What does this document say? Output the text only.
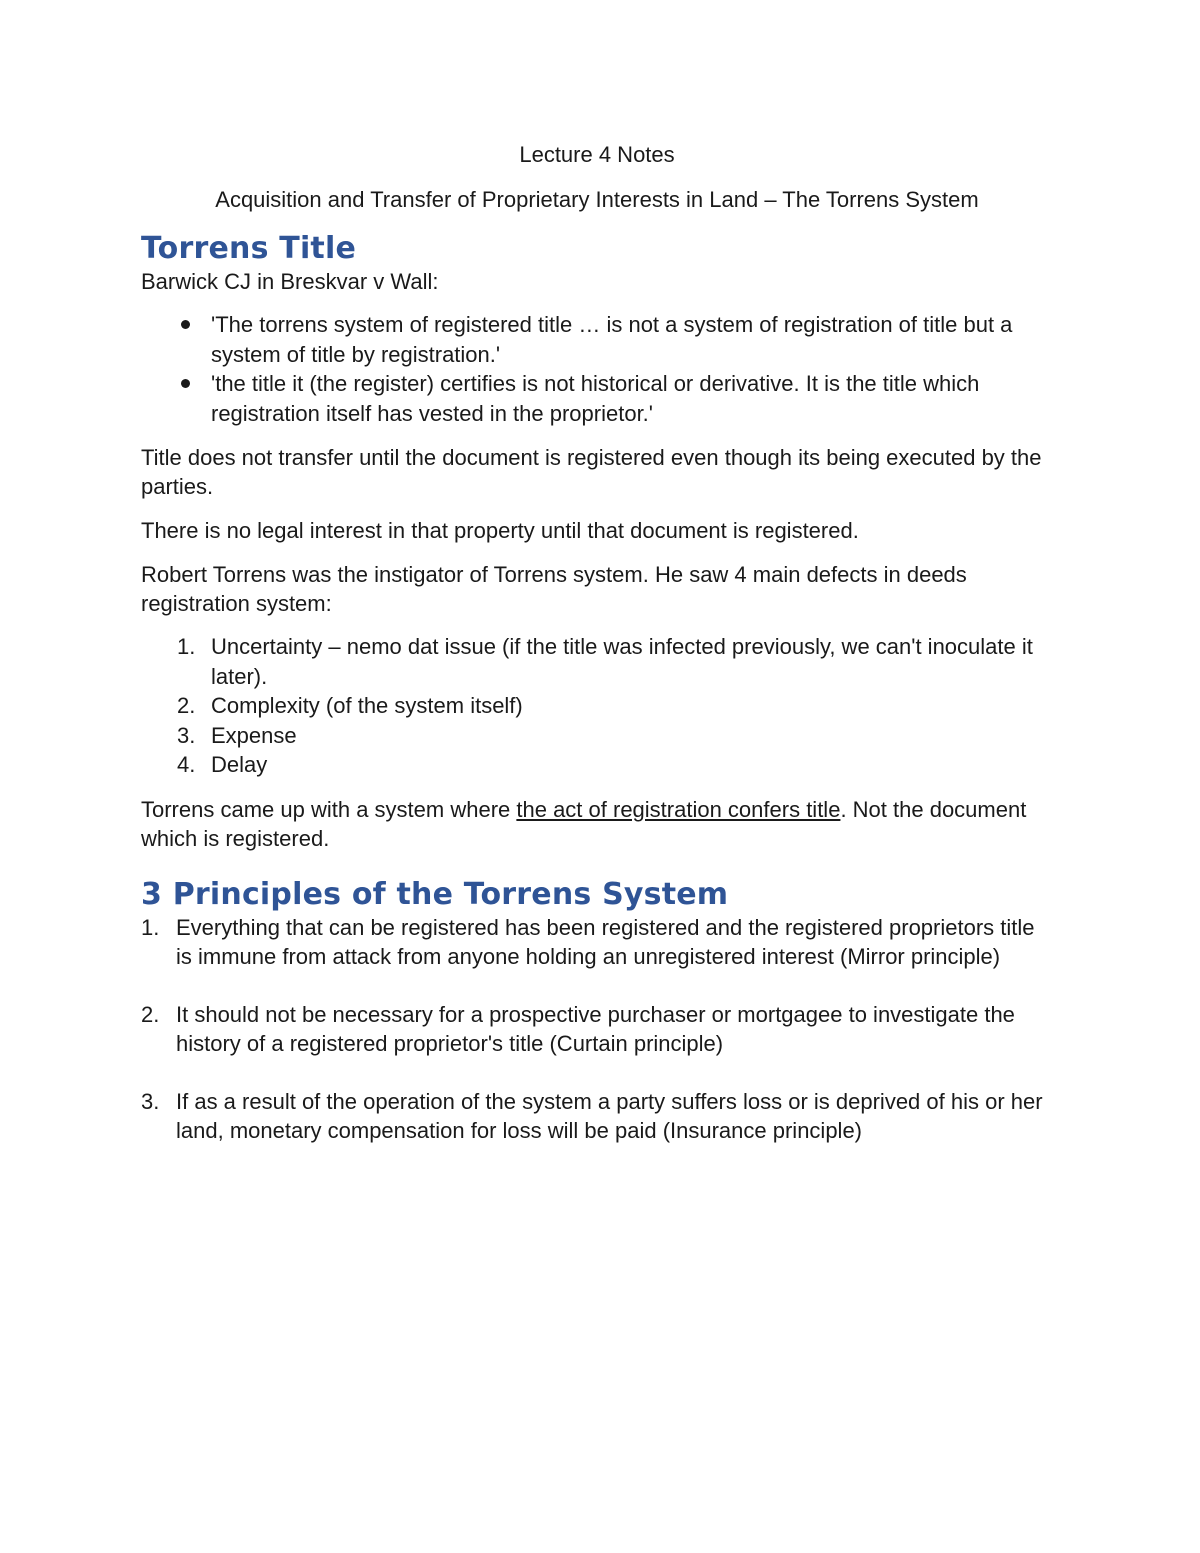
Lecture 4 Notes
Acquisition and Transfer of Proprietary Interests in Land – The Torrens System
Torrens Title

Barwick CJ in Breskvar v Wall:

'The torrens system of registered title … is not a system of registration of title but a system of title by registration.'
'the title it (the register) certifies is not historical or derivative. It is the title which registration itself has vested in the proprietor.'

Title does not transfer until the document is registered even though its being executed by the parties.

There is no legal interest in that property until that document is registered.

Robert Torrens was the instigator of Torrens system. He saw 4 main defects in deeds registration system:

1. Uncertainty – nemo dat issue (if the title was infected previously, we can't inoculate it later).
2. Complexity (of the system itself)
3. Expense
4. Delay

Torrens came up with a system where the act of registration confers title. Not the document which is registered.

3 Principles of the Torrens System
1. Everything that can be registered has been registered and the registered proprietors title is immune from attack from anyone holding an unregistered interest (Mirror principle)
2. It should not be necessary for a prospective purchaser or mortgagee to investigate the history of a registered proprietor's title (Curtain principle)
3. If as a result of the operation of the system a party suffers loss or is deprived of his or her land, monetary compensation for loss will be paid (Insurance principle)
